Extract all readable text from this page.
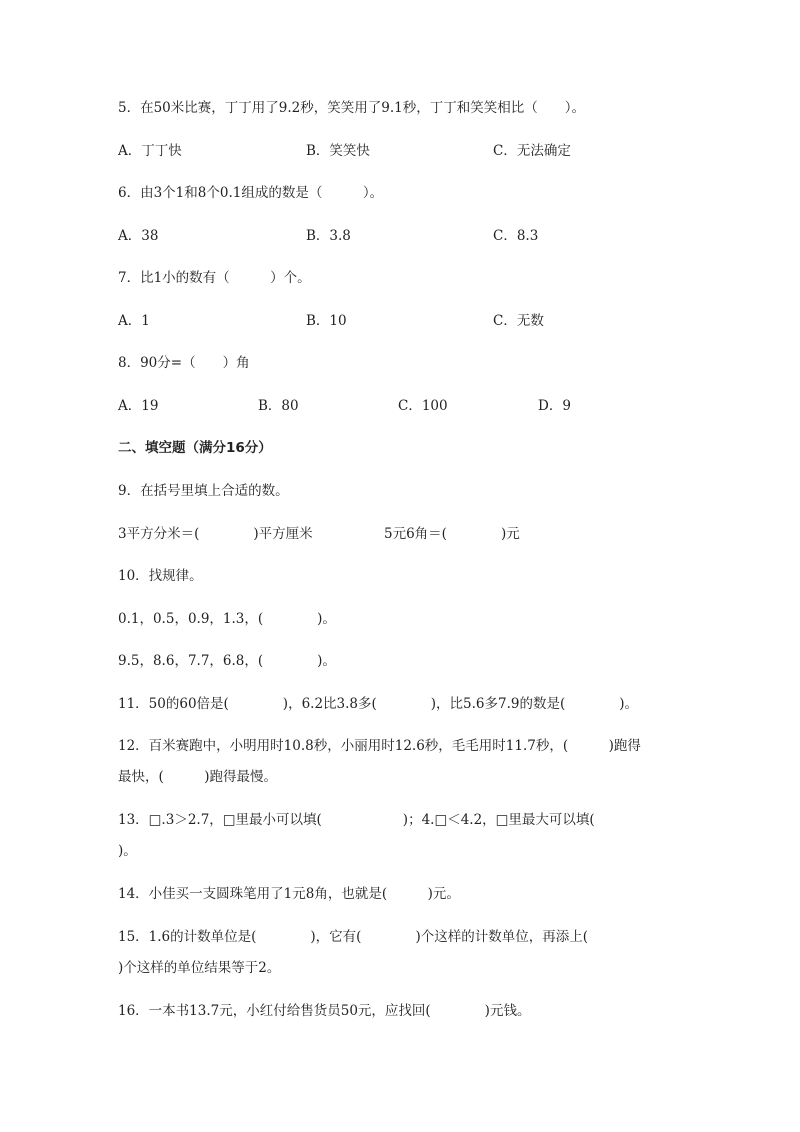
5．在50米比赛，丁丁用了9.2秒，笑笑用了9.1秒，丁丁和笑笑相比（　　）。
A．丁丁快	B．笑笑快	C．无法确定
6．由3个1和8个0.1组成的数是（　　　）。
A．38	B．3.8	C．8.3
7．比1小的数有（　　　）个。
A．1	B．10	C．无数
8．90分=（　　）角
A．19	B．80	C．100	D．9
二、填空题（满分16分）
9．在括号里填上合适的数。
3平方分米＝(　　　　)平方厘米	5元6角＝(　　　　)元
10．找规律。
0.1，0.5，0.9，1.3，(　　　　)。
9.5，8.6，7.7，6.8，(　　　　)。
11．50的60倍是(　　　　)，6.2比3.8多(　　　　)，比5.6多7.9的数是(　　　　)。
12．百米赛跑中，小明用时10.8秒，小丽用时12.6秒，毛毛用时11.7秒，(　　　)跑得
最快，(　　　)跑得最慢。
13．□.3＞2.7，□里最小可以填(　　　　　　)；4.□＜4.2，□里最大可以填(
)。
14．小佳买一支圆珠笔用了1元8角，也就是(　　　)元。
15．1.6的计数单位是(　　　　)，它有(　　　　)个这样的计数单位，再添上(
)个这样的单位结果等于2。
16．一本书13.7元，小红付给售货员50元，应找回(　　　　)元钱。
